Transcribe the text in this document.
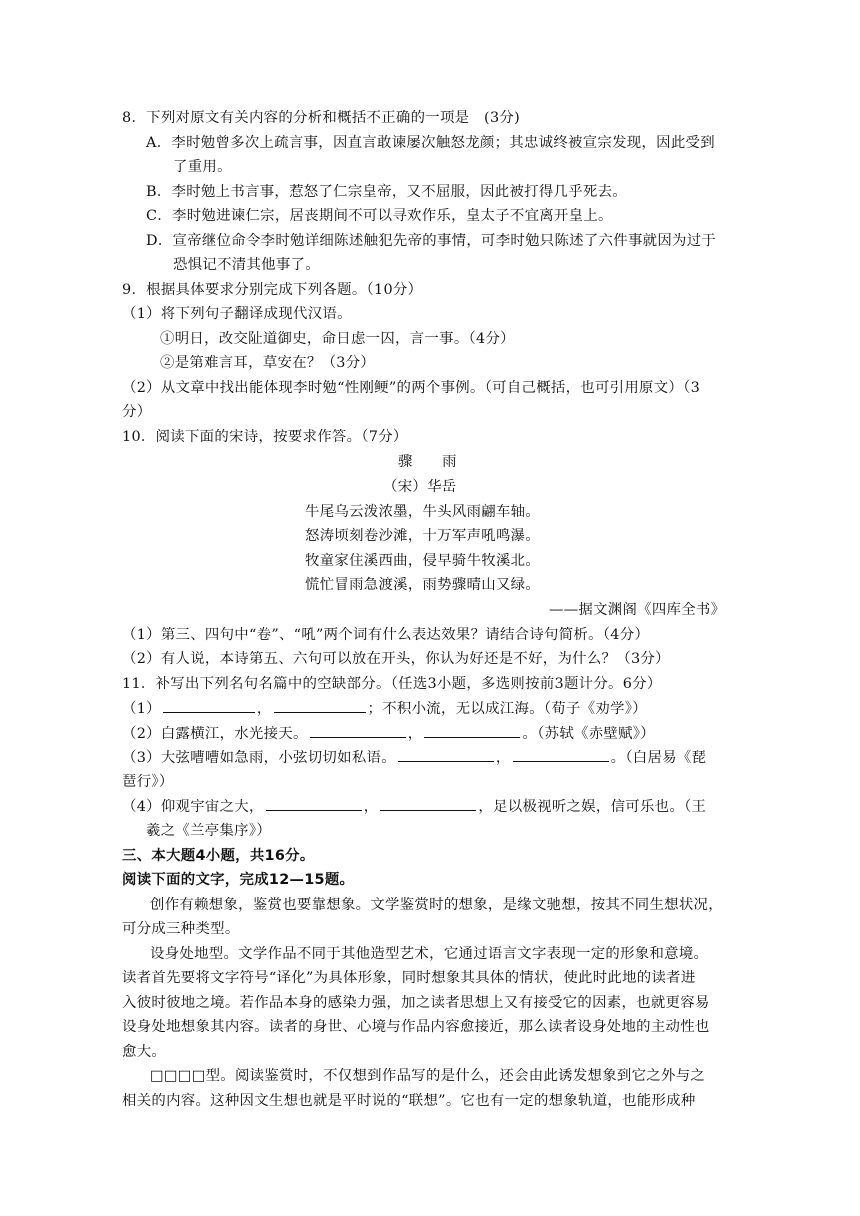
8．下列对原文有关内容的分析和概括不正确的一项是　(3分)
A．李时勉曾多次上疏言事，因直言敢谏屡次触怒龙颜；其忠诚终被宣宗发现，因此受到
了重用。
B．李时勉上书言事，惹怒了仁宗皇帝，又不屈服，因此被打得几乎死去。
C．李时勉进谏仁宗，居丧期间不可以寻欢作乐，皇太子不宜离开皇上。
D．宣帝继位命令李时勉详细陈述触犯先帝的事情，可李时勉只陈述了六件事就因为过于
恐惧记不清其他事了。
9．根据具体要求分别完成下列各题。（10分）
（1）将下列句子翻译成现代汉语。
①明日，改交阯道御史，命日虑一囚，言一事。（4分）
②是第难言耳，草安在？（3分）
（2）从文章中找出能体现李时勉“性刚鲠”的两个事例。（可自己概括，也可引用原文）（3
分）
10．阅读下面的宋诗，按要求作答。（7分）
骤　　雨
（宋）华岳
牛尾乌云泼浓墨，牛头风雨翩车轴。
怒涛顷刻卷沙滩，十万军声吼鸣瀑。
牧童家住溪西曲，侵早骑牛牧溪北。
慌忙冒雨急渡溪，雨势骤晴山又绿。
——据文渊阁《四库全书》
（1）第三、四句中“卷”、“吼”两个词有什么表达效果？请结合诗句简析。（4分）
（2）有人说，本诗第五、六句可以放在开头，你认为好还是不好，为什么？（3分）
11．补写出下列名句名篇中的空缺部分。（任选3小题，多选则按前3题计分。6分）
（1）	，	；不积小流，无以成江海。（荀子《劝学》）
（2）白露横江，水光接天。	，	。（苏轼《赤壁赋》）
（3）大弦嘈嘈如急雨，小弦切切如私语。	，	。（白居易《琵
琶行》）
（4）仰观宇宙之大，	，	，足以极视听之娱，信可乐也。（王
羲之《兰亭集序》）
三、本大题4小题，共16分。
阅读下面的文字，完成12—15题。
创作有赖想象，鉴赏也要靠想象。文学鉴赏时的想象，是缘文驰想，按其不同生想状况，
可分成三种类型。
设身处地型。文学作品不同于其他造型艺术，它通过语言文字表现一定的形象和意境。
读者首先要将文字符号“译化”为具体形象，同时想象其具体的情状，使此时此地的读者进
入彼时彼地之境。若作品本身的感染力强，加之读者思想上又有接受它的因素，也就更容易
设身处地想象其内容。读者的身世、心境与作品内容愈接近，那么读者设身处地的主动性也
愈大。
□□□□型。阅读鉴赏时，不仅想到作品写的是什么，还会由此诱发想象到它之外与之
相关的内容。这种因文生想也就是平时说的“联想”。它也有一定的想象轨道，也能形成种
